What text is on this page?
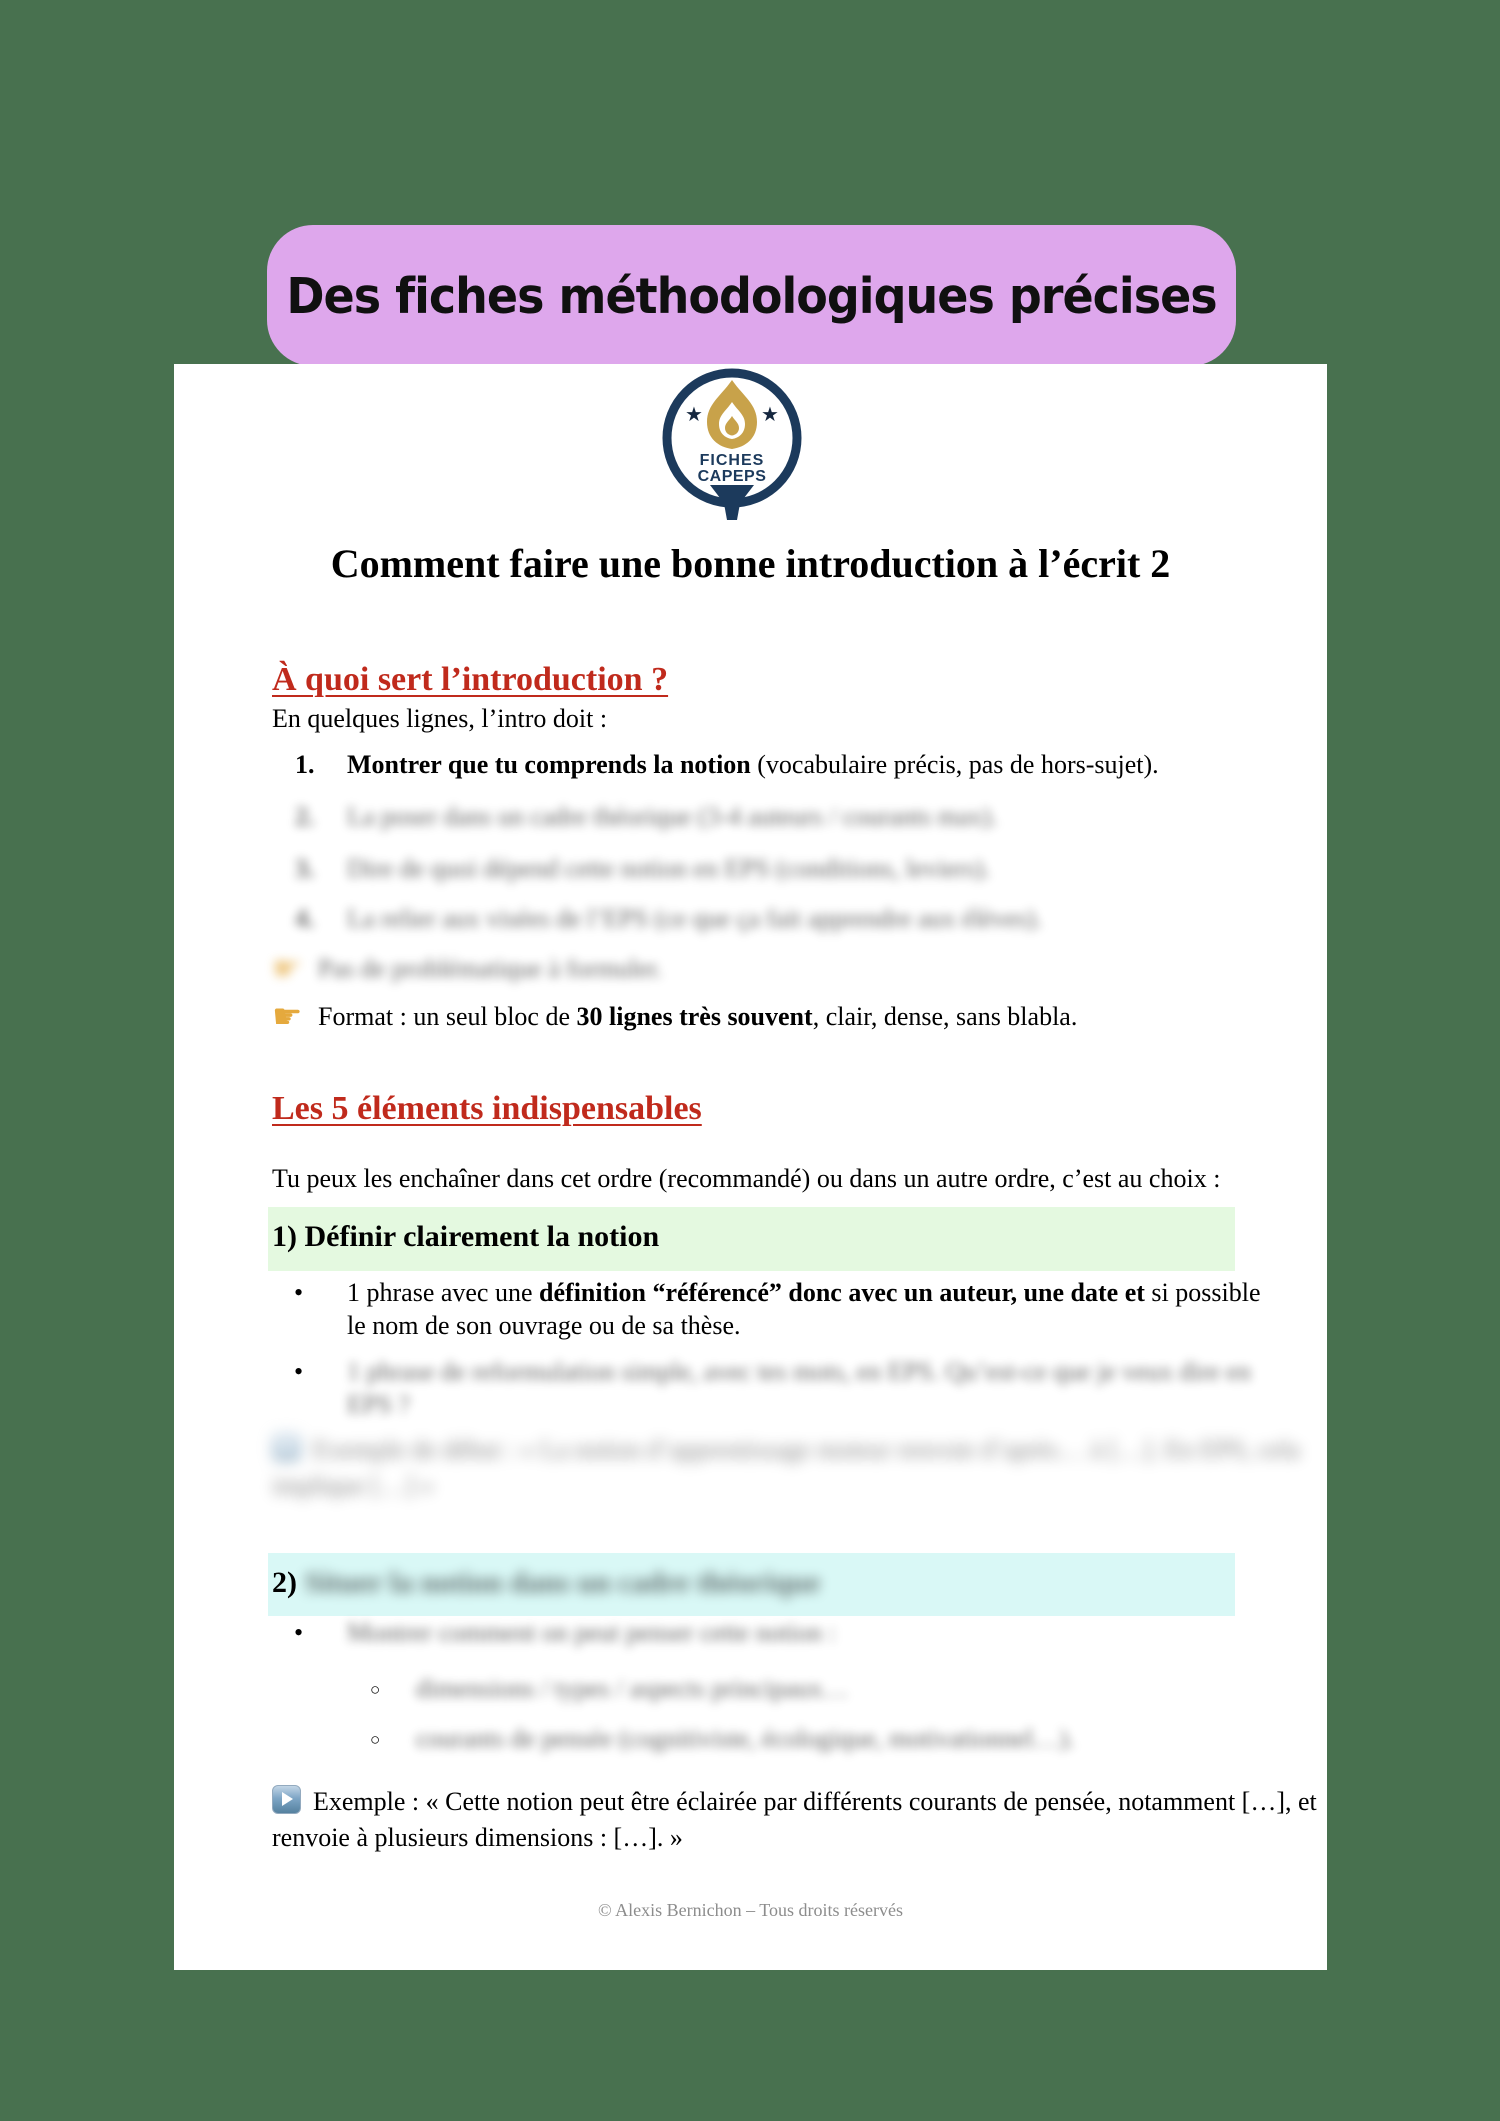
Des fiches méthodologiques précises
★	★
FICHES
CAPEPS
Comment faire une bonne introduction à l’écrit 2
À quoi sert l’introduction ?
En quelques lignes, l’intro doit :
1. Montrer que tu comprends la notion (vocabulaire précis, pas de hors-sujet).
2. La poser dans un cadre théorique (3-4 auteurs / courants max).
3. Dire de quoi dépend cette notion en EPS (conditions, leviers).
4. La relier aux visées de l’EPS (ce que ça fait apprendre aux élèves).
☛ Pas de problématique à formuler.
☛ Format : un seul bloc de 30 lignes très souvent, clair, dense, sans blabla.
Les 5 éléments indispensables
Tu peux les enchaîner dans cet ordre (recommandé) ou dans un autre ordre, c’est au choix :
1) Définir clairement la notion
• 1 phrase avec une définition “référencé” donc avec un auteur, une date et si possible le nom de son ouvrage ou de sa thèse.
• 1 phrase de reformulation simple, avec tes mots, en EPS. Qu’est-ce que je veux dire en EPS ?
Exemple de début : « La notion d’apprentissage moteur renvoie d’après… à […]. En EPS, cela implique […] »
2) Situer la notion dans un cadre théorique
• Montrer comment on peut penser cette notion :
○ dimensions / types / aspects principaux…
○ courants de pensée (cognitiviste, écologique, motivationnel…).
Exemple : « Cette notion peut être éclairée par différents courants de pensée, notamment […], et renvoie à plusieurs dimensions : […]. »
© Alexis Bernichon – Tous droits réservés
